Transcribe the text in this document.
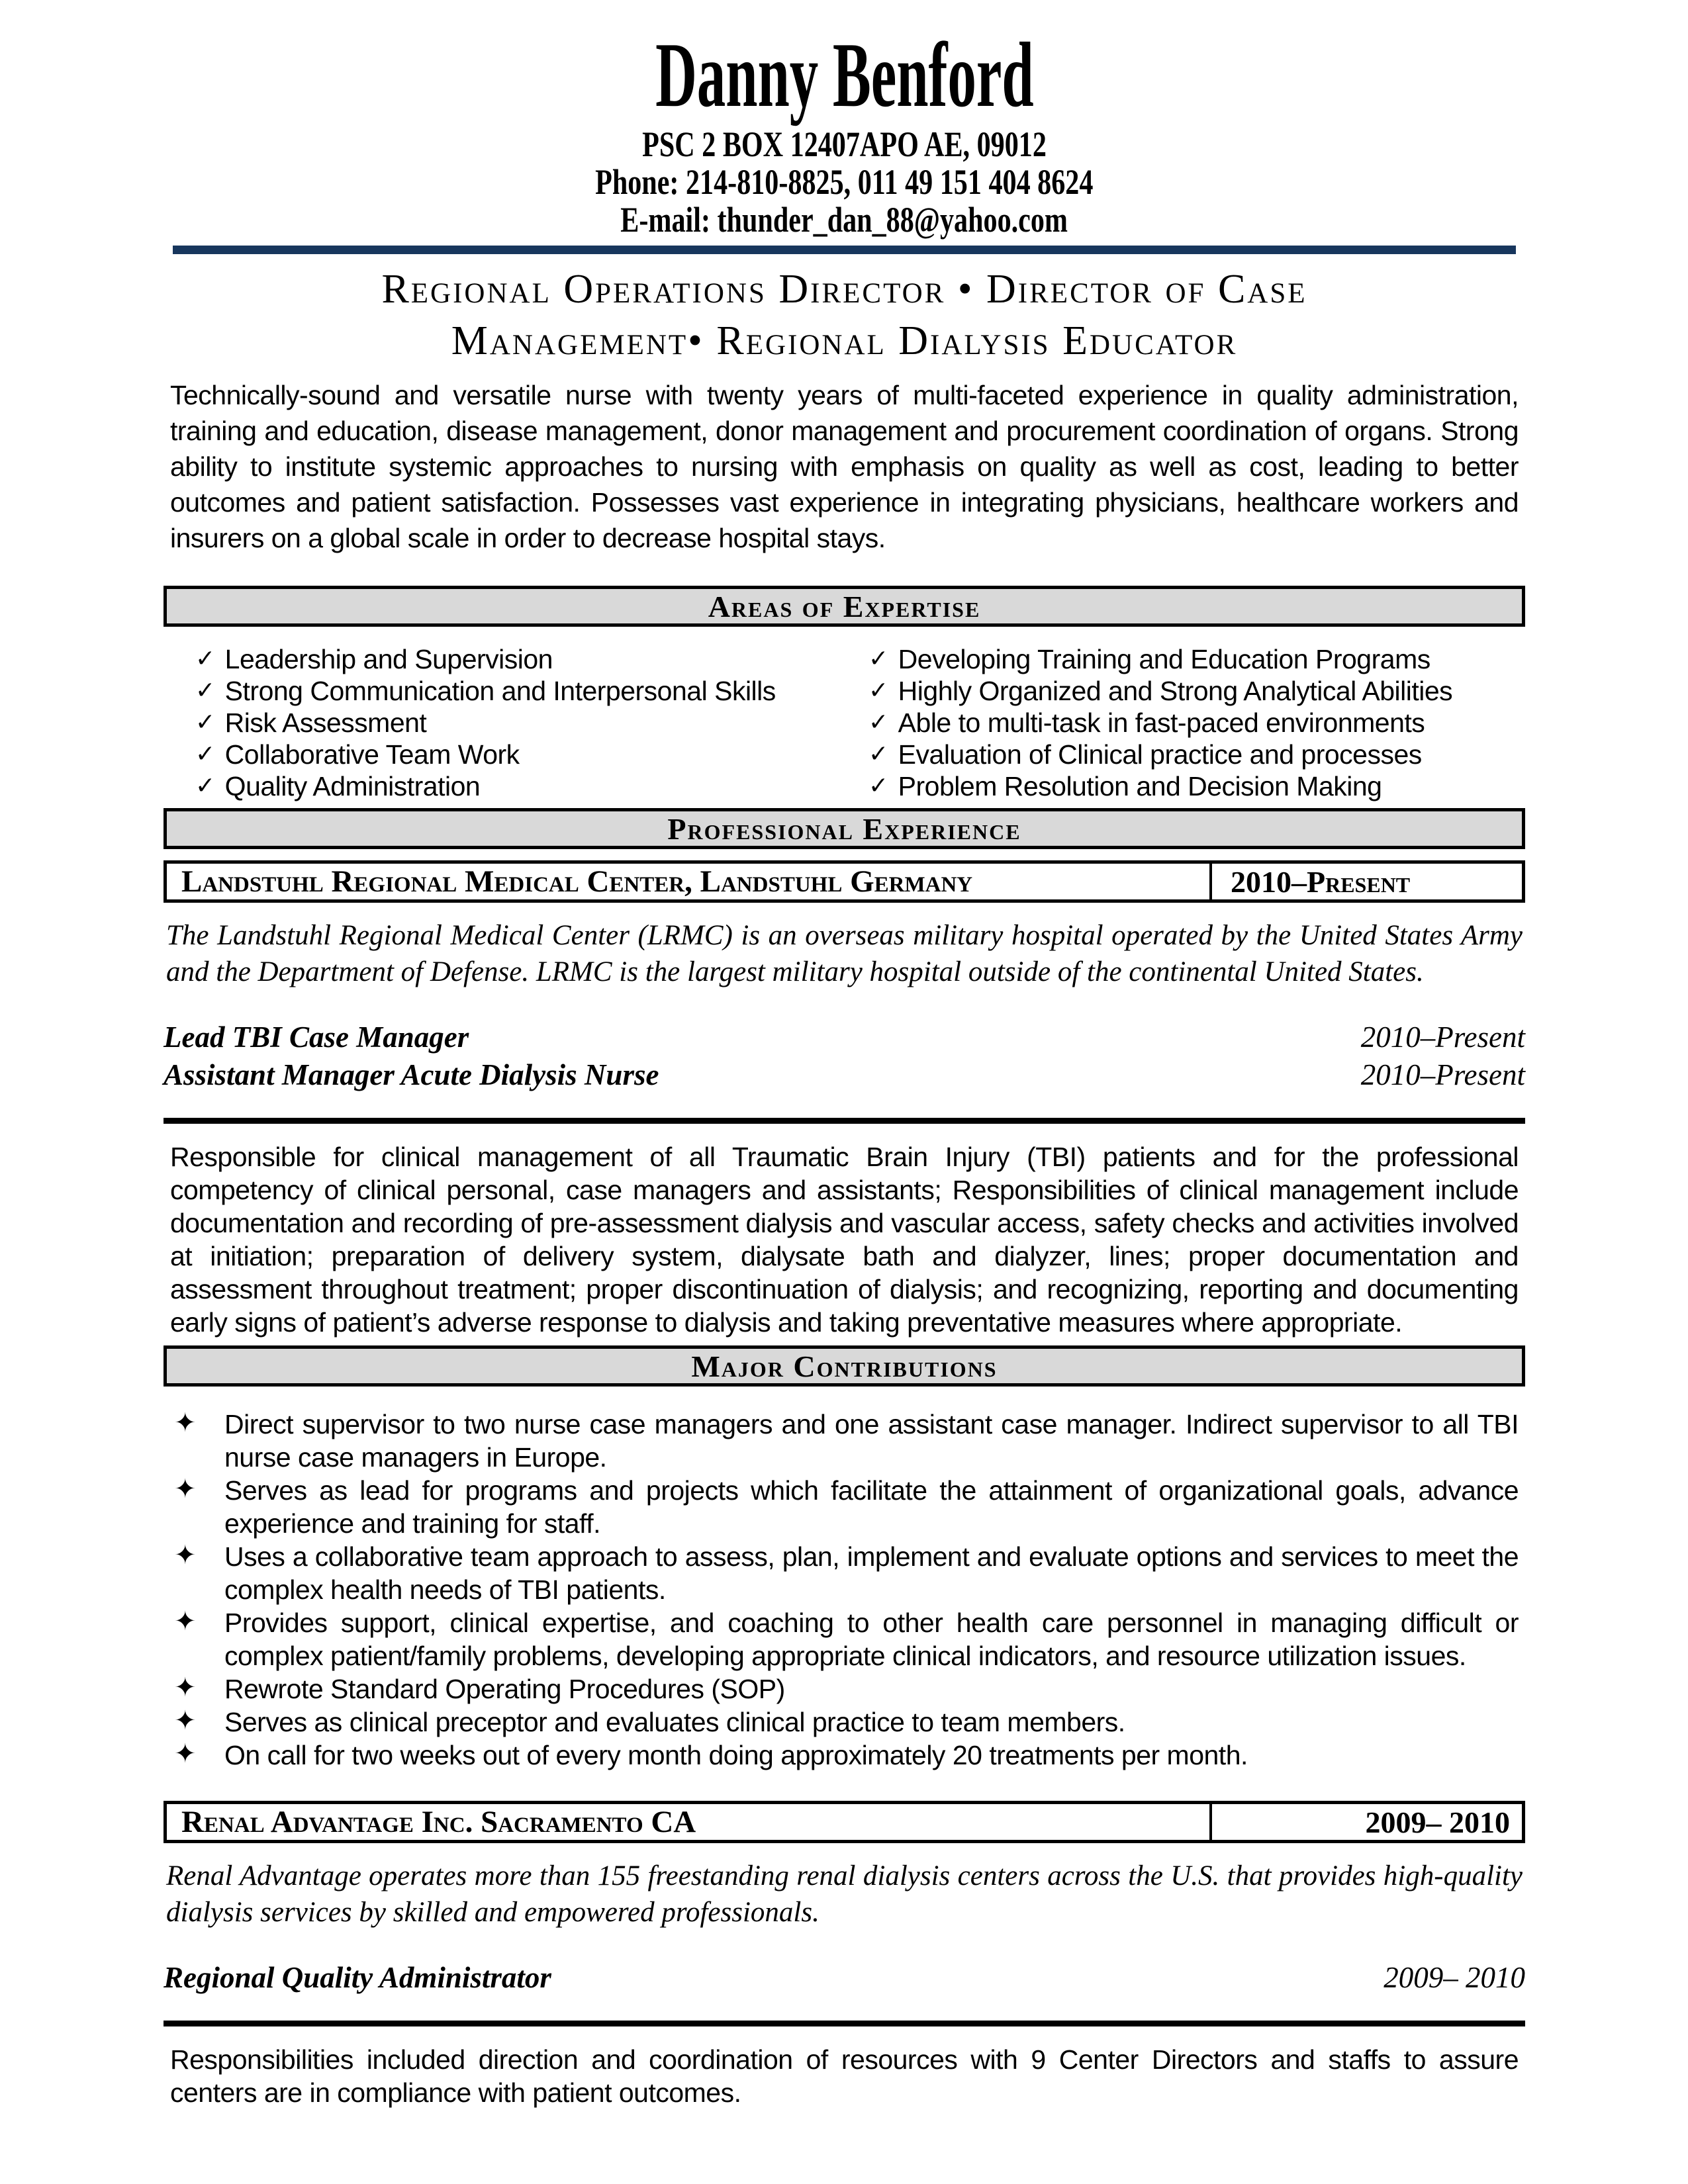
Danny Benford
PSC 2 BOX 12407APO AE, 09012
Phone: 214-810-8825, 011 49 151 404 8624
E-mail: thunder_dan_88@yahoo.com
Regional Operations Director • Director of Case
Management• Regional Dialysis Educator

Technically-sound and versatile nurse with twenty years of multi-faceted experience in quality administration, training and education, disease management, donor management and procurement coordination of organs. Strong ability to institute systemic approaches to nursing with emphasis on quality as well as cost, leading to better outcomes and patient satisfaction. Possesses vast experience in integrating physicians, healthcare workers and insurers on a global scale in order to decrease hospital stays.

Areas of Expertise
✓ Leadership and Supervision
✓ Strong Communication and Interpersonal Skills
✓ Risk Assessment
✓ Collaborative Team Work
✓ Quality Administration
✓ Developing Training and Education Programs
✓ Highly Organized and Strong Analytical Abilities
✓ Able to multi-task in fast-paced environments
✓ Evaluation of Clinical practice and processes
✓ Problem Resolution and Decision Making
Professional Experience
Landstuhl Regional Medical Center, Landstuhl Germany	2010–Present

The Landstuhl Regional Medical Center (LRMC) is an overseas military hospital operated by the United States Army and the Department of Defense. LRMC is the largest military hospital outside of the continental United States.

Lead TBI Case Manager	2010–Present
Assistant Manager Acute Dialysis Nurse	2010–Present

Responsible for clinical management of all Traumatic Brain Injury (TBI) patients and for the professional competency of clinical personal, case managers and assistants; Responsibilities of clinical management include documentation and recording of pre-assessment dialysis and vascular access, safety checks and activities involved at initiation; preparation of delivery system, dialysate bath and dialyzer, lines; proper documentation and assessment throughout treatment; proper discontinuation of dialysis; and recognizing, reporting and documenting early signs of patient’s adverse response to dialysis and taking preventative measures where appropriate.

Major Contributions
✦ Direct supervisor to two nurse case managers and one assistant case manager. Indirect supervisor to all TBI nurse case managers in Europe.
✦ Serves as lead for programs and projects which facilitate the attainment of organizational goals, advance experience and training for staff.
✦ Uses a collaborative team approach to assess, plan, implement and evaluate options and services to meet the complex health needs of TBI patients.
✦ Provides support, clinical expertise, and coaching to other health care personnel in managing difficult or complex patient/family problems, developing appropriate clinical indicators, and resource utilization issues.
✦ Rewrote Standard Operating Procedures (SOP)
✦ Serves as clinical preceptor and evaluates clinical practice to team members.
✦ On call for two weeks out of every month doing approximately 20 treatments per month.
Renal Advantage Inc. Sacramento CA	2009– 2010

Renal Advantage operates more than 155 freestanding renal dialysis centers across the U.S. that provides high-quality dialysis services by skilled and empowered professionals.

Regional Quality Administrator	2009– 2010

Responsibilities included direction and coordination of resources with 9 Center Directors and staffs to assure centers are in compliance with patient outcomes.
